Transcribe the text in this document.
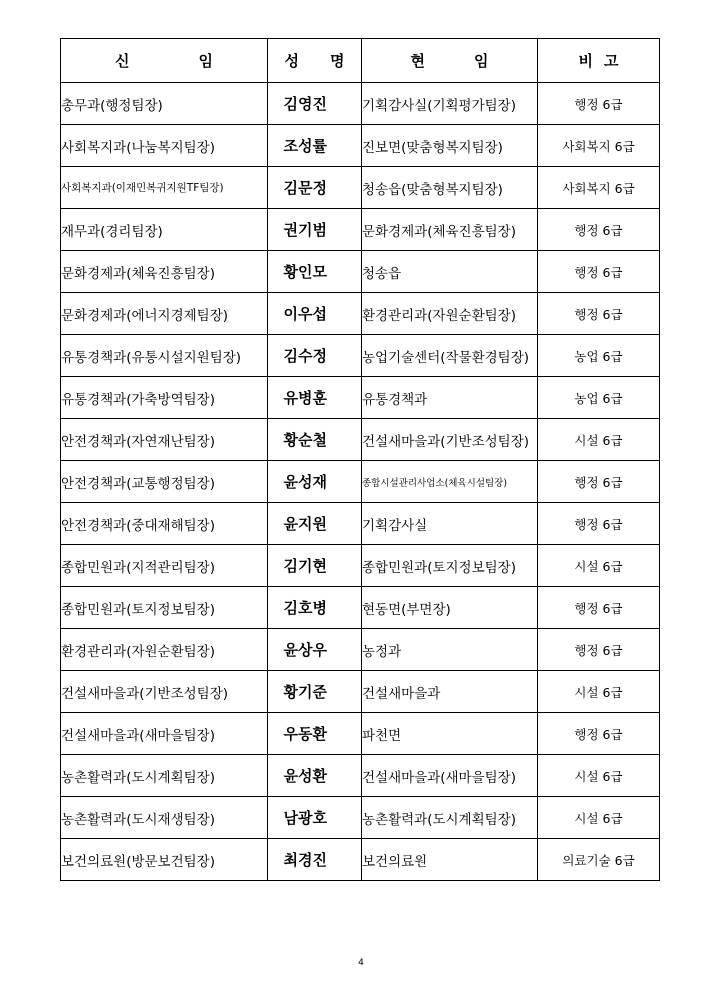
신 임	성 명	현 임	비 고
총무과(행정팀장)	김영진	기획감사실(기획평가팀장)	행정 6급
사회복지과(나눔복지팀장)	조성률	진보면(맞춤형복지팀장)	사회복지 6급
사회복지과(이재민복귀지원TF팀장)	김문정	청송읍(맞춤형복지팀장)	사회복지 6급
재무과(경리팀장)	권기범	문화경제과(체육진흥팀장)	행정 6급
문화경제과(체육진흥팀장)	황인모	청송읍	행정 6급
문화경제과(에너지경제팀장)	이우섭	환경관리과(자원순환팀장)	행정 6급
유통경책과(유통시설지원팀장)	김수정	농업기술센터(작물환경팀장)	농업 6급
유통경책과(가축방역팀장)	유병훈	유통경책과	농업 6급
안전경책과(자연재난팀장)	황순철	건설새마을과(기반조성팀장)	시설 6급
안전경책과(교통행정팀장)	윤성재	종합시설관리사업소(체육시설팀장)	행정 6급
안전경책과(중대재해팀장)	윤지원	기획감사실	행정 6급
종합민원과(지적관리팀장)	김기현	종합민원과(토지정보팀장)	시설 6급
종합민원과(토지정보팀장)	김호병	현동면(부면장)	행정 6급
환경관리과(자원순환팀장)	윤상우	농정과	행정 6급
건설새마을과(기반조성팀장)	황기준	건설새마을과	시설 6급
건설새마을과(새마을팀장)	우동환	파천면	행정 6급
농촌활력과(도시계획팀장)	윤성환	건설새마을과(새마을팀장)	시설 6급
농촌활력과(도시재생팀장)	남광호	농촌활력과(도시계획팀장)	시설 6급
보건의료원(방문보건팀장)	최경진	보건의료원	의료기술 6급
4
